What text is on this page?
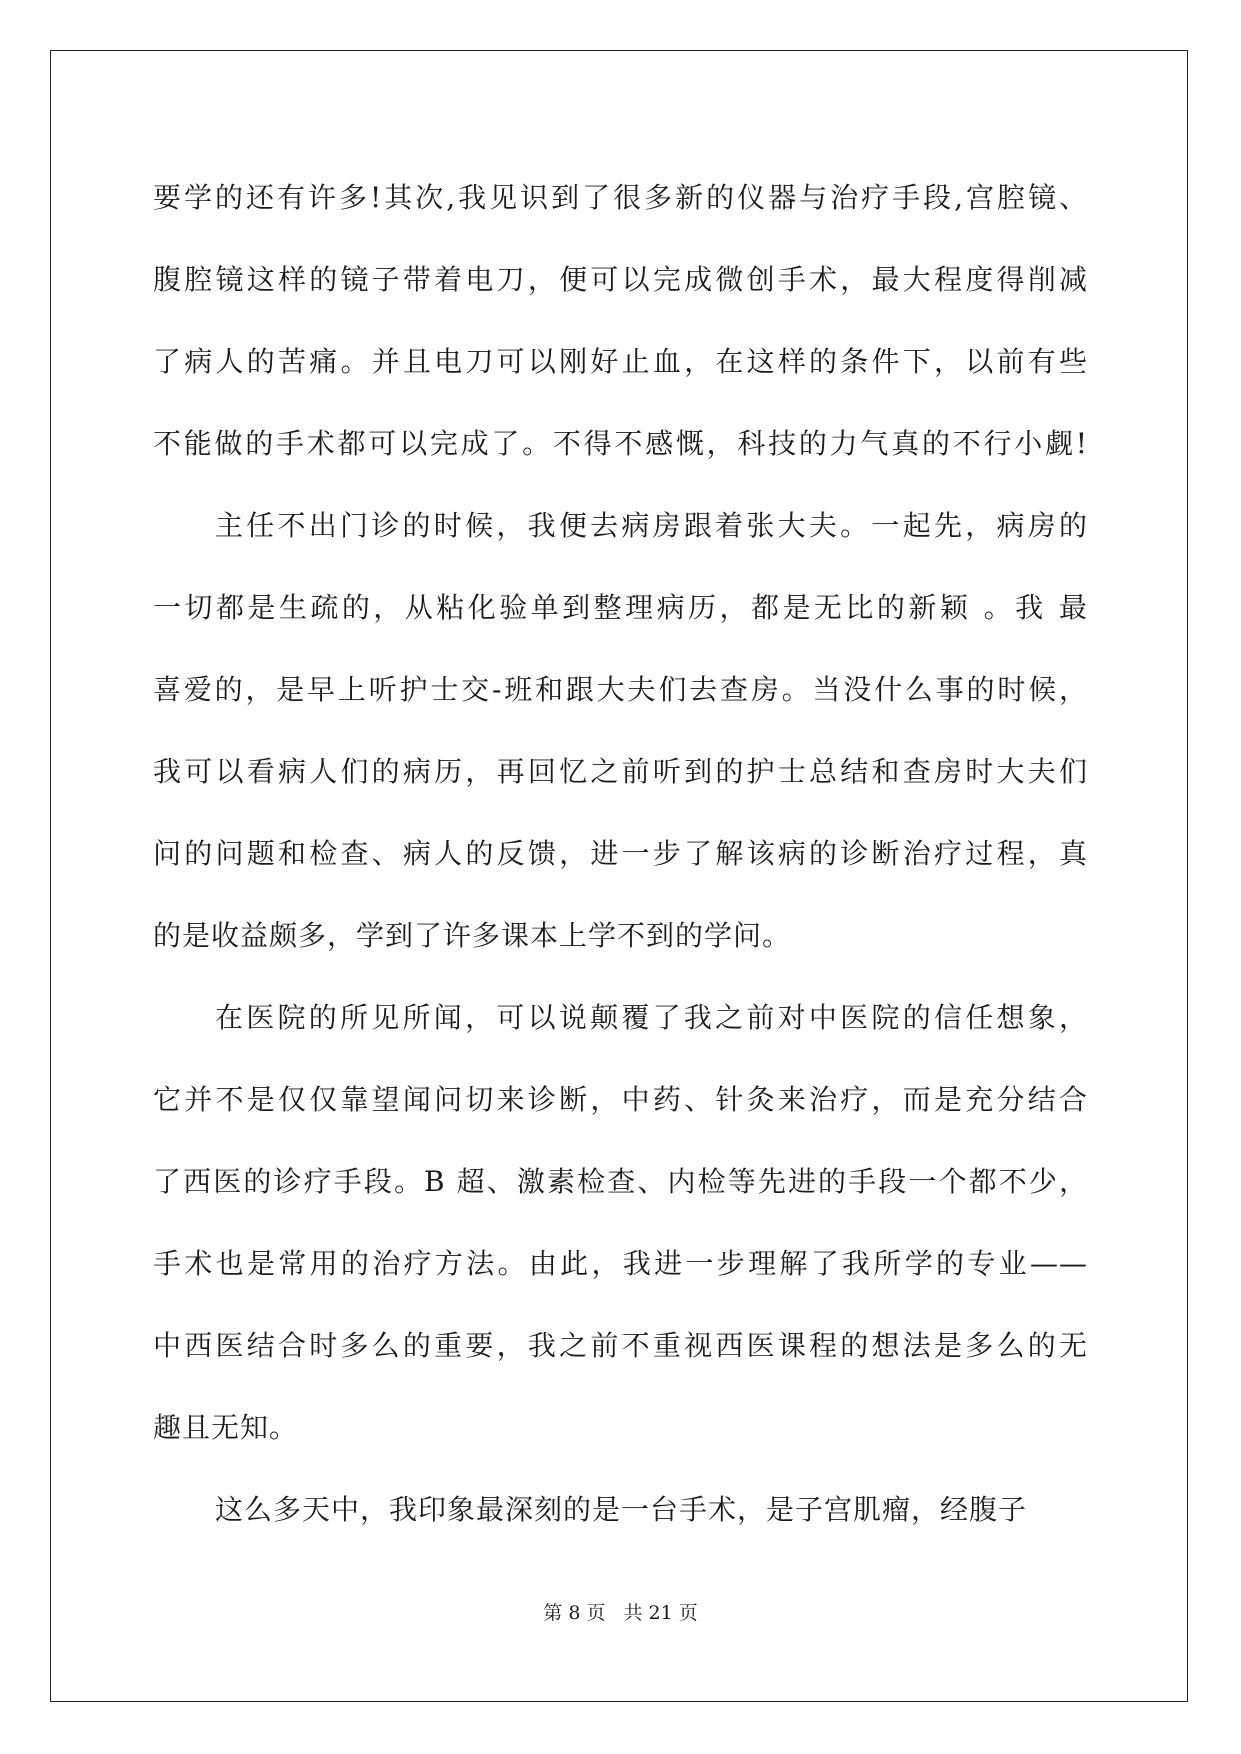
要学的还有许多!其次,我见识到了很多新的仪器与治疗手段,宫腔镜、
腹腔镜这样的镜子带着电刀，便可以完成微创手术，最大程度得削减
了病人的苦痛。并且电刀可以刚好止血，在这样的条件下，以前有些
不能做的手术都可以完成了。不得不感慨，科技的力气真的不行小觑!
主任不出门诊的时候，我便去病房跟着张大夫。一起先，病房的
一切都是生疏的，从粘化验单到整理病历，都是无比的新颖 。我 最
喜爱的，是早上听护士交-班和跟大夫们去查房。当没什么事的时候，
我可以看病人们的病历，再回忆之前听到的护士总结和查房时大夫们
问的问题和检查、病人的反馈，进一步了解该病的诊断治疗过程，真
的是收益颇多，学到了许多课本上学不到的学问。
在医院的所见所闻，可以说颠覆了我之前对中医院的信任想象，
它并不是仅仅靠望闻问切来诊断，中药、针灸来治疗，而是充分结合
了西医的诊疗手段。B 超、激素检查、内检等先进的手段一个都不少，
手术也是常用的治疗方法。由此，我进一步理解了我所学的专业——
中西医结合时多么的重要，我之前不重视西医课程的想法是多么的无
趣且无知。
这么多天中，我印象最深刻的是一台手术，是子宫肌瘤，经腹子
第 8 页 共 21 页
